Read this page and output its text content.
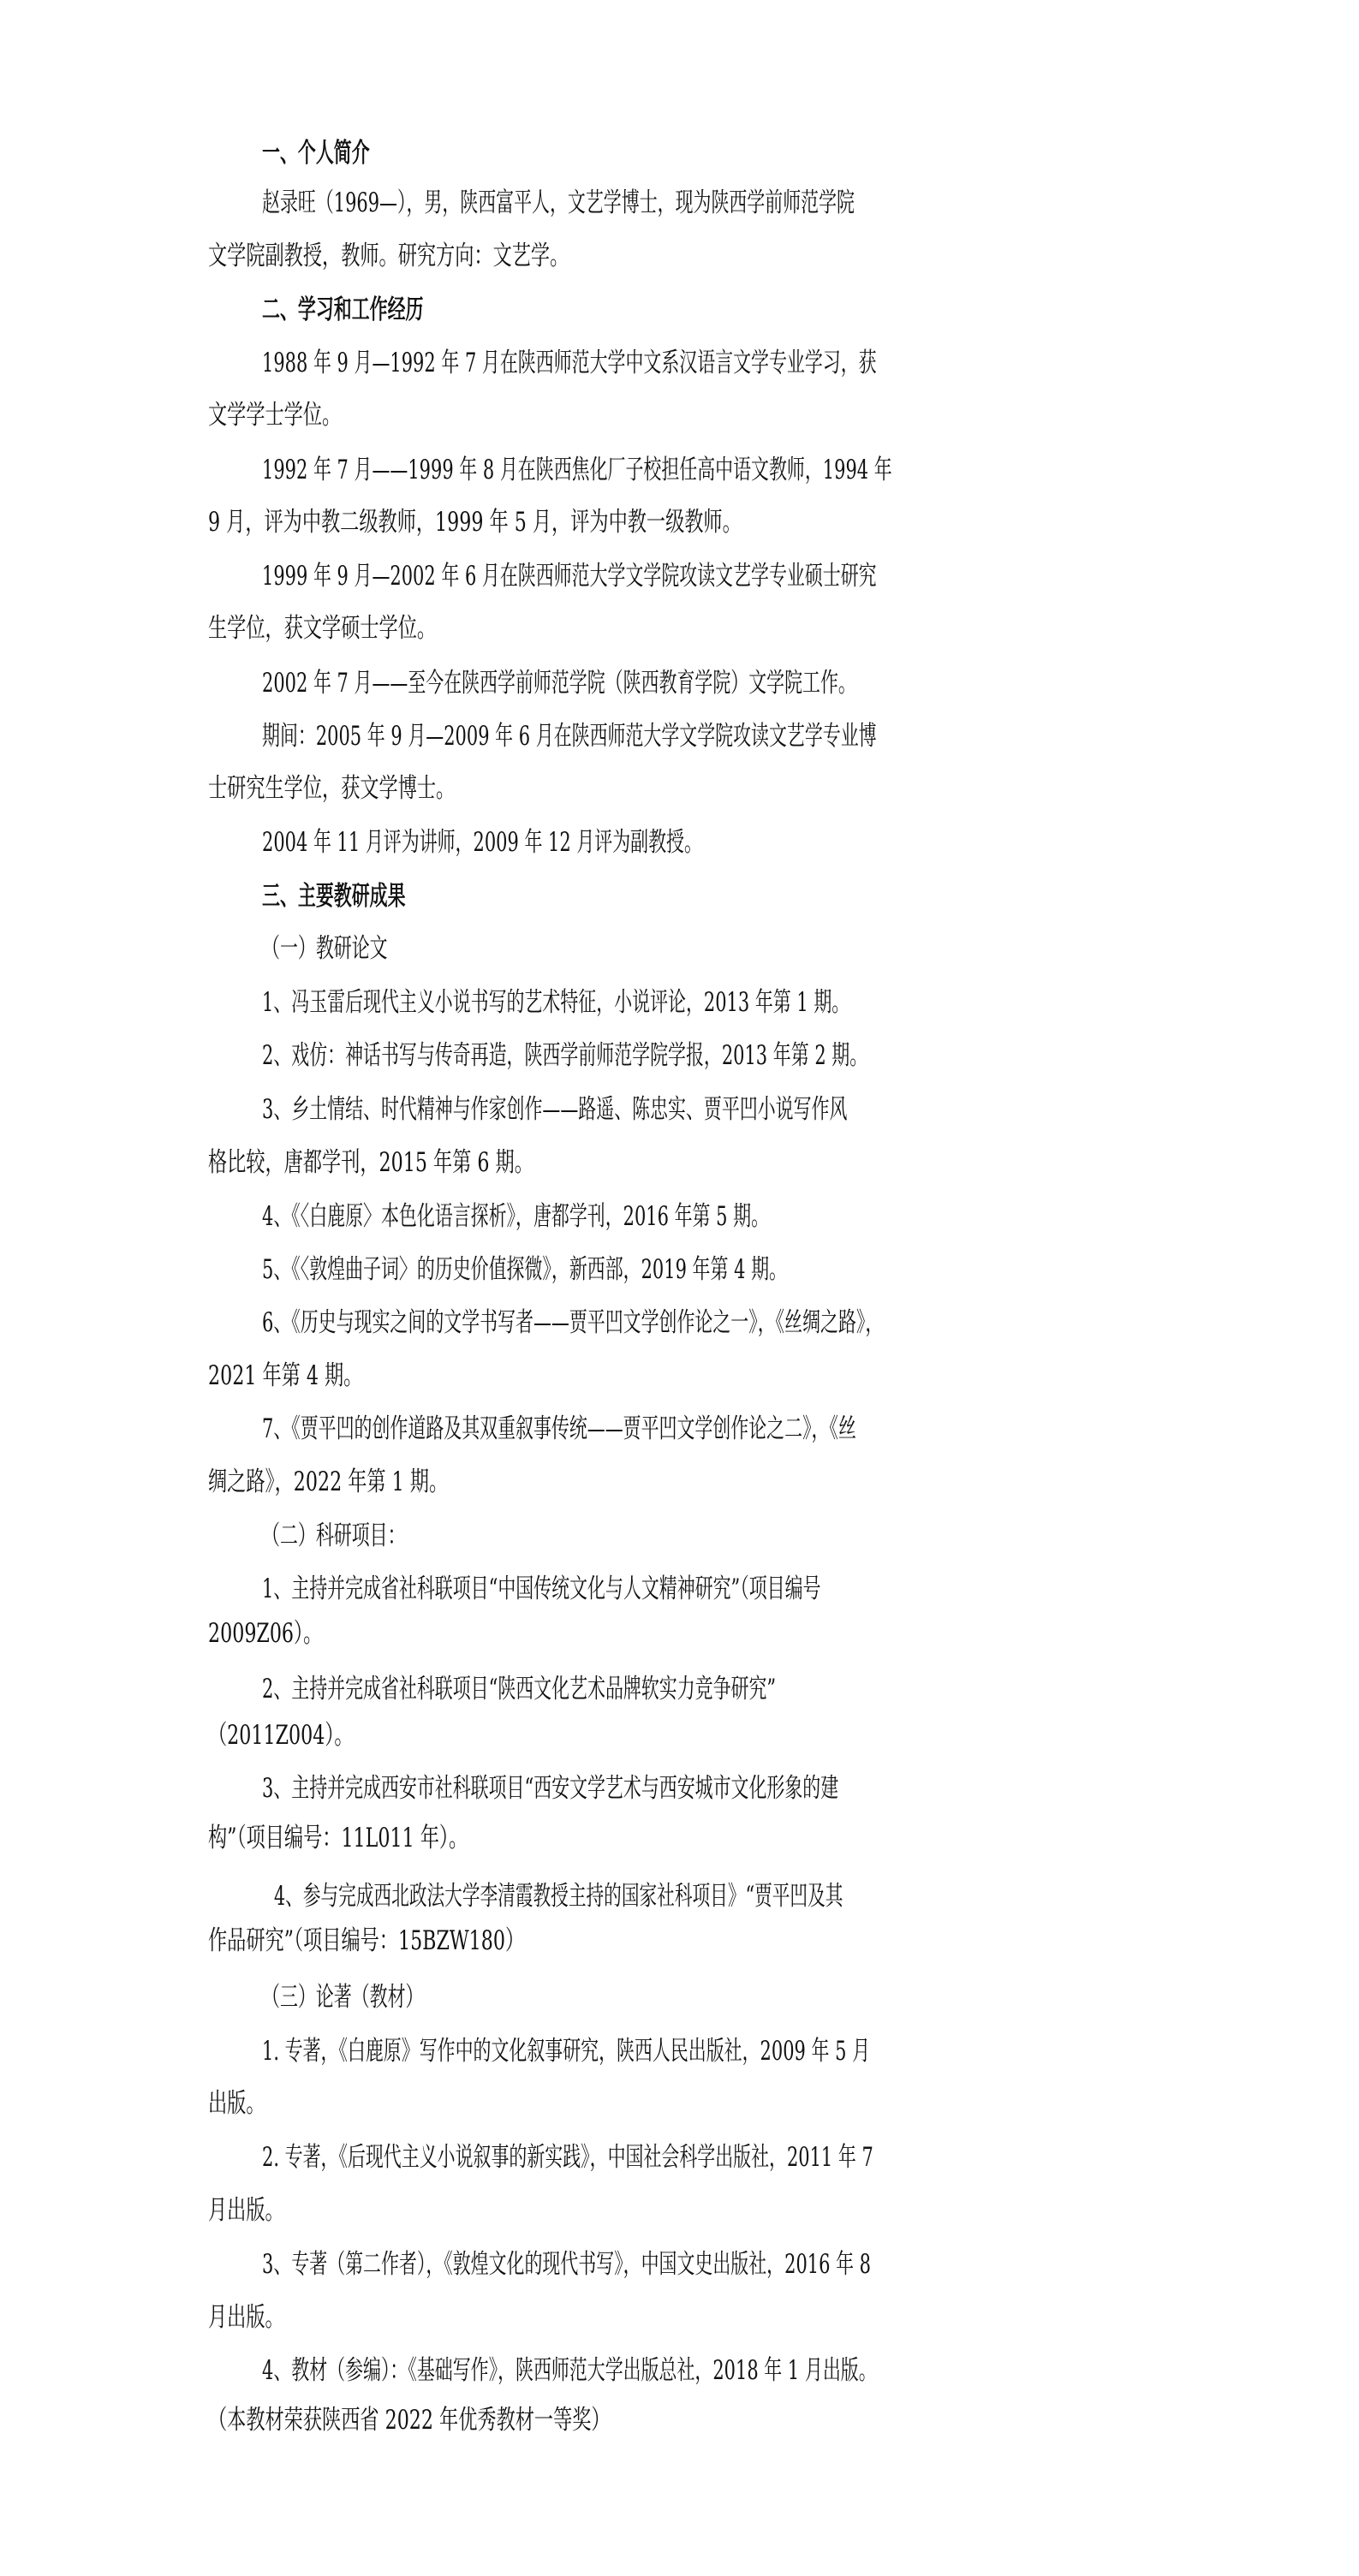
一、个人简介
赵录旺（1969—），男，陕西富平人，文艺学博士，现为陕西学前师范学院
文学院副教授，教师。研究方向：文艺学。
二、学习和工作经历
1988 年 9 月—1992 年 7 月在陕西师范大学中文系汉语言文学专业学习，获
文学学士学位。
1992 年 7 月——1999 年 8 月在陕西焦化厂子校担任高中语文教师，1994 年
9 月，评为中教二级教师，1999 年 5 月，评为中教一级教师。
1999 年 9 月—2002 年 6 月在陕西师范大学文学院攻读文艺学专业硕士研究
生学位，获文学硕士学位。
2002 年 7 月——至今在陕西学前师范学院（陕西教育学院）文学院工作。
期间：2005 年 9 月—2009 年 6 月在陕西师范大学文学院攻读文艺学专业博
士研究生学位，获文学博士。
2004 年 11 月评为讲师，2009 年 12 月评为副教授。
三、主要教研成果
（一）教研论文
1、冯玉雷后现代主义小说书写的艺术特征，小说评论，2013 年第 1 期。
2、戏仿：神话书写与传奇再造，陕西学前师范学院学报，2013 年第 2 期。
3、乡土情结、时代精神与作家创作——路遥、陈忠实、贾平凹小说写作风
格比较，唐都学刊，2015 年第 6 期。
4、《〈白鹿原〉本色化语言探析》，唐都学刊，2016 年第 5 期。
5、《〈敦煌曲子词〉的历史价值探微》，新西部，2019 年第 4 期。
6、《历史与现实之间的文学书写者——贾平凹文学创作论之一》，《丝绸之路》，
2021 年第 4 期。
7、《贾平凹的创作道路及其双重叙事传统——贾平凹文学创作论之二》，《丝
绸之路》，2022 年第 1 期。
（二）科研项目：
1、主持并完成省社科联项目“中国传统文化与人文精神研究”（项目编号
2009Z06）。
2、主持并完成省社科联项目“陕西文化艺术品牌软实力竞争研究”
（2011Z004）。
3、主持并完成西安市社科联项目“西安文学艺术与西安城市文化形象的建
构”（项目编号：11L011 年）。
4、参与完成西北政法大学李清霞教授主持的国家社科项目》“贾平凹及其
作品研究”（项目编号：15BZW180）
（三）论著（教材）
1. 专著，《白鹿原》写作中的文化叙事研究，陕西人民出版社，2009 年 5 月
出版。
2. 专著，《后现代主义小说叙事的新实践》，中国社会科学出版社，2011 年 7
月出版。
3、专著（第二作者），《敦煌文化的现代书写》，中国文史出版社，2016 年 8
月出版。
4、教材（参编）：《基础写作》，陕西师范大学出版总社，2018 年 1 月出版。
（本教材荣获陕西省 2022 年优秀教材一等奖）
